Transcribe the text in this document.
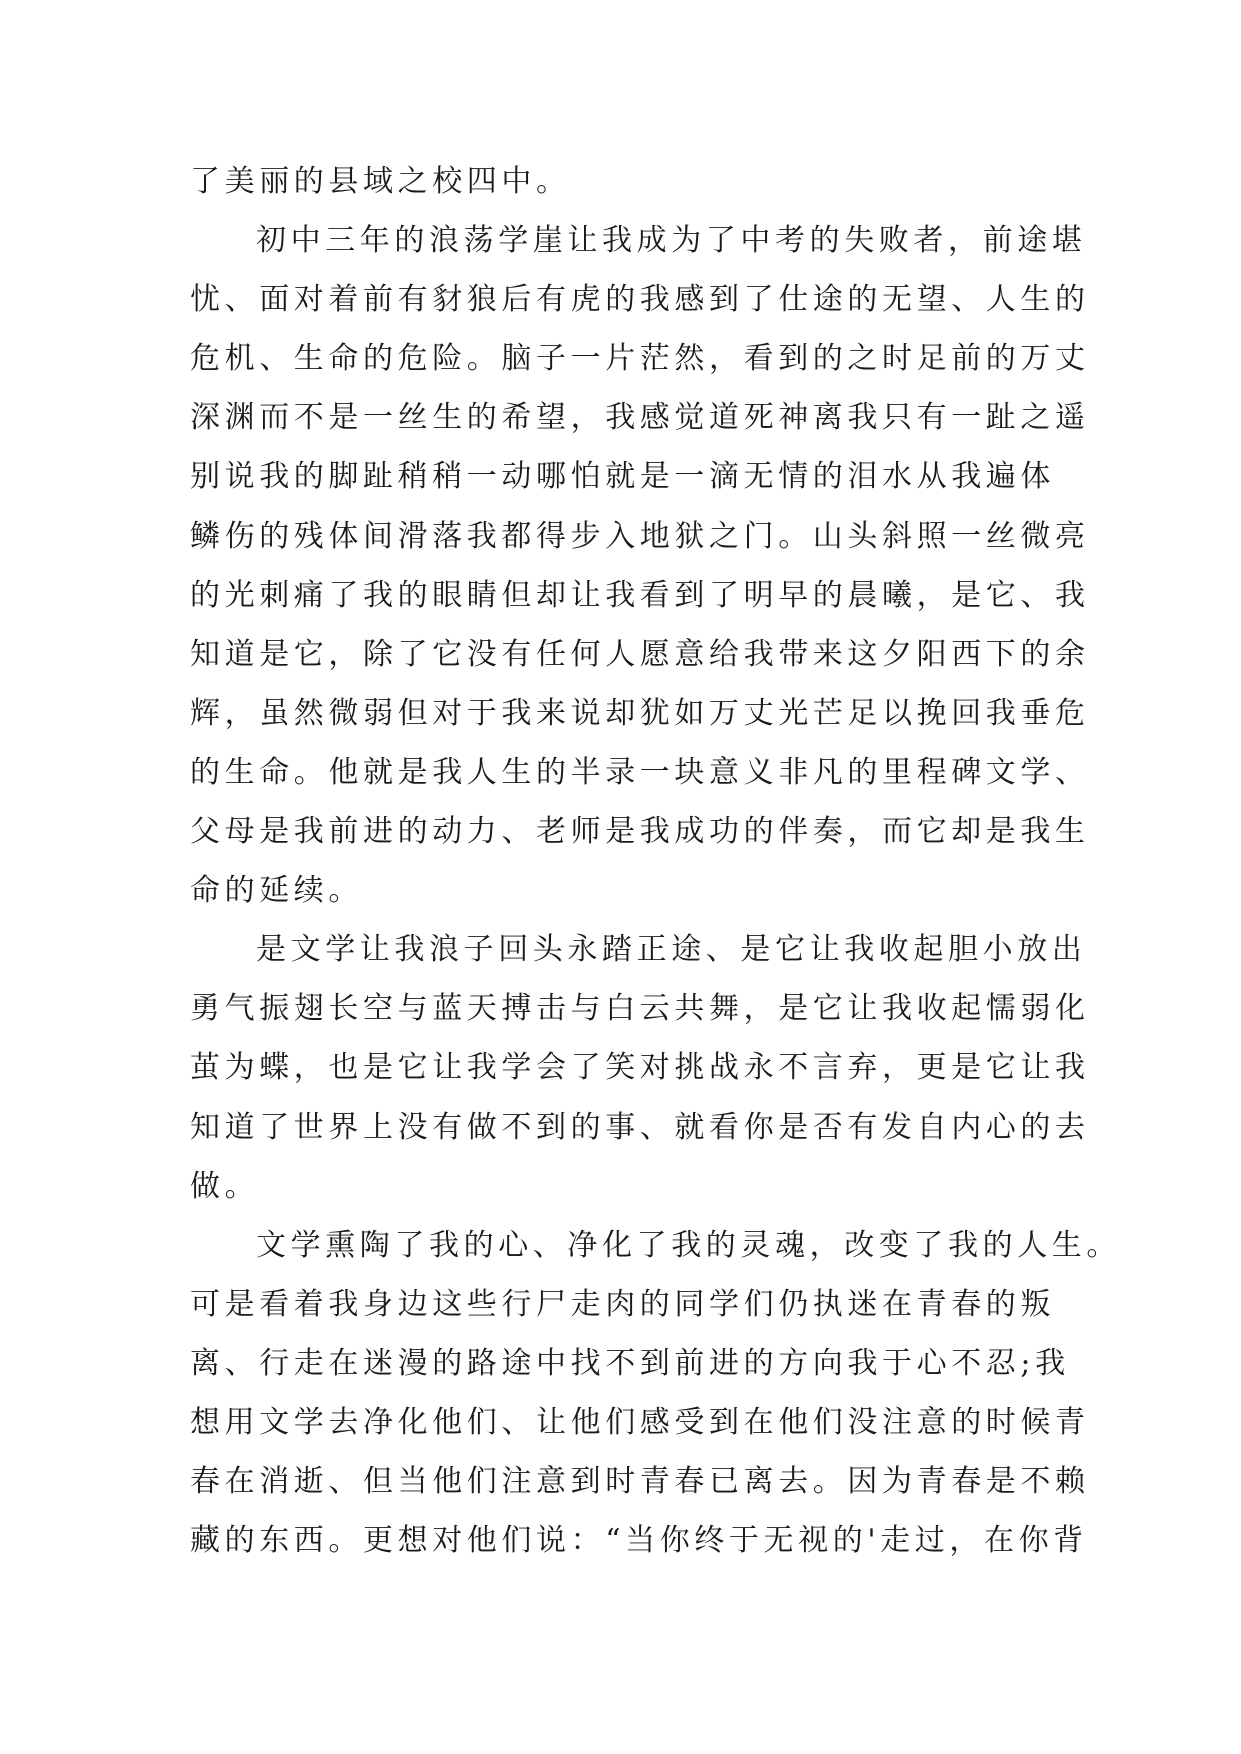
了美丽的县域之校四中。
初中三年的浪荡学崖让我成为了中考的失败者，前途堪
忧、面对着前有豺狼后有虎的我感到了仕途的无望、人生的
危机、生命的危险。脑子一片茫然，看到的之时足前的万丈
深渊而不是一丝生的希望，我感觉道死神离我只有一趾之遥
别说我的脚趾稍稍一动哪怕就是一滴无情的泪水从我遍体
鳞伤的残体间滑落我都得步入地狱之门。山头斜照一丝微亮
的光刺痛了我的眼睛但却让我看到了明早的晨曦，是它、我
知道是它，除了它没有任何人愿意给我带来这夕阳西下的余
辉，虽然微弱但对于我来说却犹如万丈光芒足以挽回我垂危
的生命。他就是我人生的半录一块意义非凡的里程碑文学、
父母是我前进的动力、老师是我成功的伴奏，而它却是我生
命的延续。
是文学让我浪子回头永踏正途、是它让我收起胆小放出
勇气振翅长空与蓝天搏击与白云共舞，是它让我收起懦弱化
茧为蝶，也是它让我学会了笑对挑战永不言弃，更是它让我
知道了世界上没有做不到的事、就看你是否有发自内心的去
做。
文学熏陶了我的心、净化了我的灵魂，改变了我的人生。
可是看着我身边这些行尸走肉的同学们仍执迷在青春的叛
离、行走在迷漫的路途中找不到前进的方向我于心不忍;我
想用文学去净化他们、让他们感受到在他们没注意的时候青
春在消逝、但当他们注意到时青春已离去。因为青春是不赖
藏的东西。更想对他们说：“当你终于无视的'走过，在你背
